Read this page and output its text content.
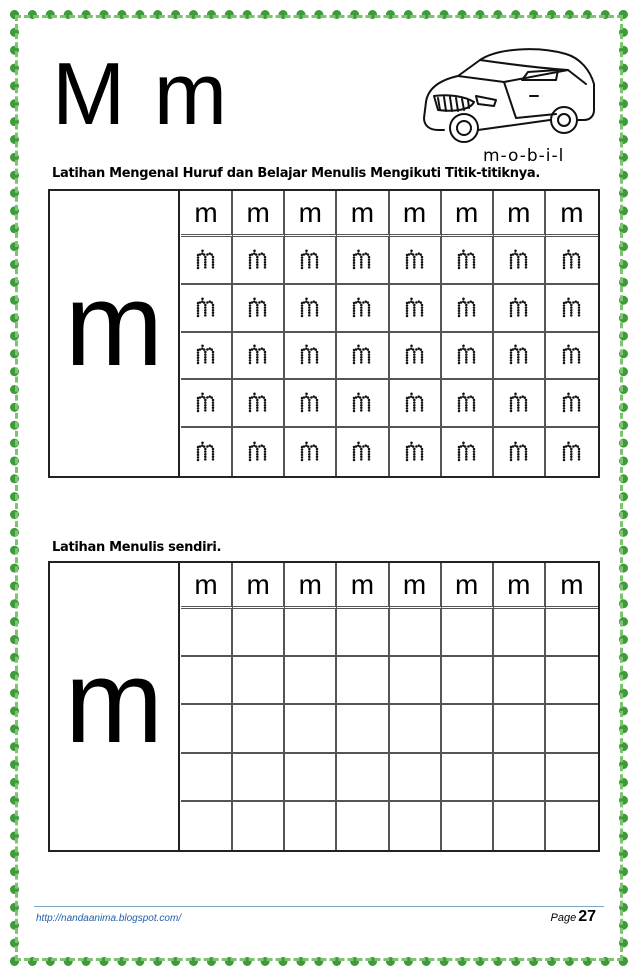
M m
m-o-b-i-l
Latihan Mengenal Huruf dan Belajar Menulis Mengikuti Titik-titiknya.
m
m m m m m m m m
Latihan Menulis sendiri.
m
m m m m m m m m
http://nandaanima.blogspot.com/	Page 27
